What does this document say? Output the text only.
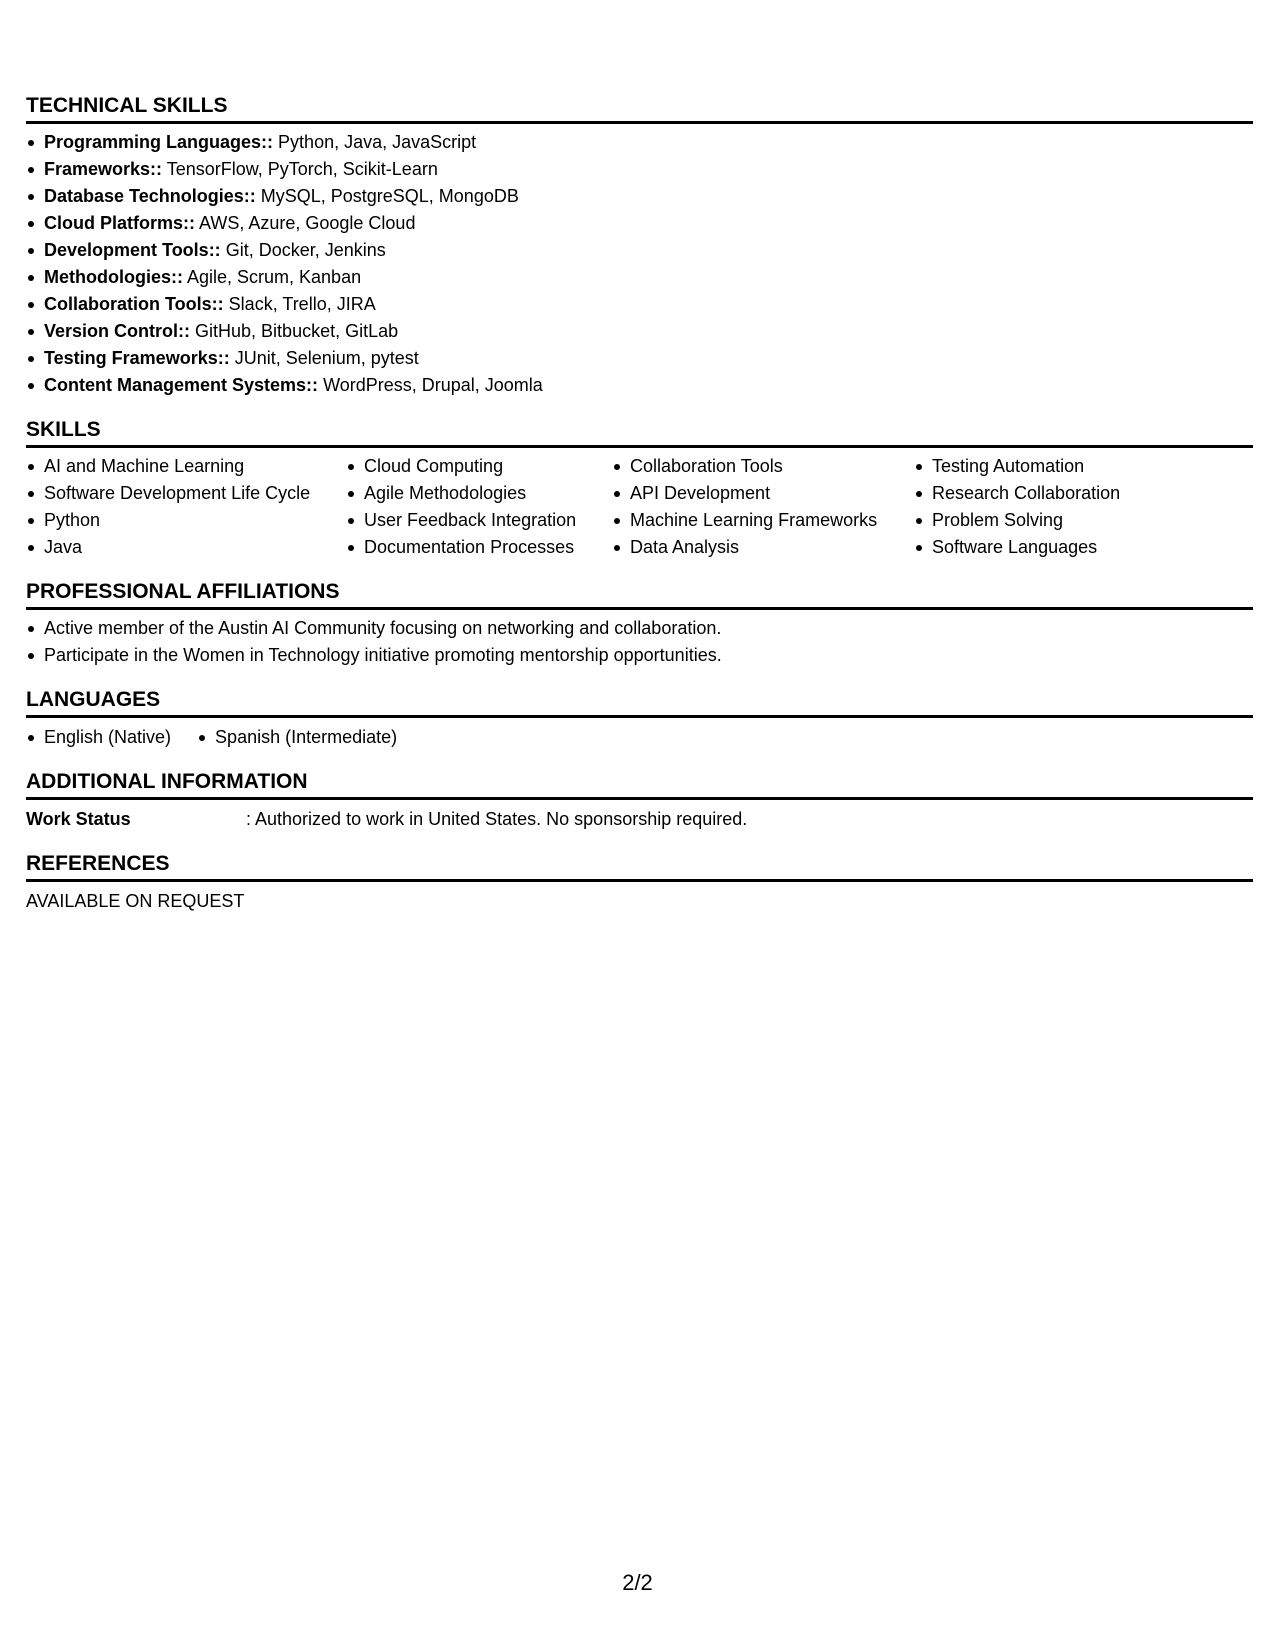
TECHNICAL SKILLS
Programming Languages:: Python, Java, JavaScript
Frameworks:: TensorFlow, PyTorch, Scikit-Learn
Database Technologies:: MySQL, PostgreSQL, MongoDB
Cloud Platforms:: AWS, Azure, Google Cloud
Development Tools:: Git, Docker, Jenkins
Methodologies:: Agile, Scrum, Kanban
Collaboration Tools:: Slack, Trello, JIRA
Version Control:: GitHub, Bitbucket, GitLab
Testing Frameworks:: JUnit, Selenium, pytest
Content Management Systems:: WordPress, Drupal, Joomla
SKILLS
AI and Machine Learning
Software Development Life Cycle
Python
Java
Cloud Computing
Agile Methodologies
User Feedback Integration
Documentation Processes
Collaboration Tools
API Development
Machine Learning Frameworks
Data Analysis
Testing Automation
Research Collaboration
Problem Solving
Software Languages
PROFESSIONAL AFFILIATIONS
Active member of the Austin AI Community focusing on networking and collaboration.
Participate in the Women in Technology initiative promoting mentorship opportunities.
LANGUAGES
English (Native)	Spanish (Intermediate)
ADDITIONAL INFORMATION
Work Status	: Authorized to work in United States. No sponsorship required.
REFERENCES
AVAILABLE ON REQUEST
2/2
